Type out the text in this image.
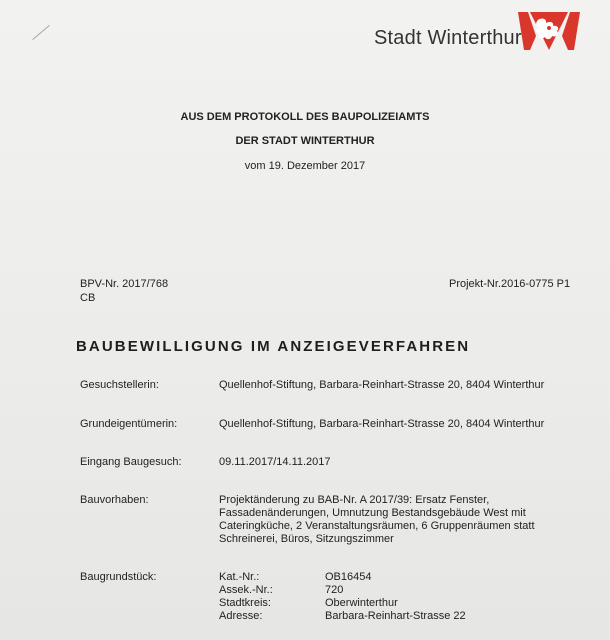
Stadt Winterthur
AUS DEM PROTOKOLL DES BAUPOLIZEIAMTS
DER STADT WINTERTHUR
vom 19. Dezember 2017
BPV-Nr. 2017/768
CB
Projekt-Nr.2016-0775 P1
BAUBEWILLIGUNG IM ANZEIGEVERFAHREN
Gesuchstellerin:	Quellenhof-Stiftung, Barbara-Reinhart-Strasse 20, 8404 Winterthur
Grundeigentümerin:	Quellenhof-Stiftung, Barbara-Reinhart-Strasse 20, 8404 Winterthur
Eingang Baugesuch:	09.11.2017/14.11.2017
Bauvorhaben:	Projektänderung zu BAB-Nr. A 2017/39: Ersatz Fenster,
Fassadenänderungen, Umnutzung Bestandsgebäude West mit
Cateringküche, 2 Veranstaltungsräumen, 6 Gruppenräumen statt
Schreinerei, Büros, Sitzungszimmer
Baugrundstück:	Kat.-Nr.:	OB16454
Assek.-Nr.:	720
Stadtkreis:	Oberwinterthur
Adresse:	Barbara-Reinhart-Strasse 22
